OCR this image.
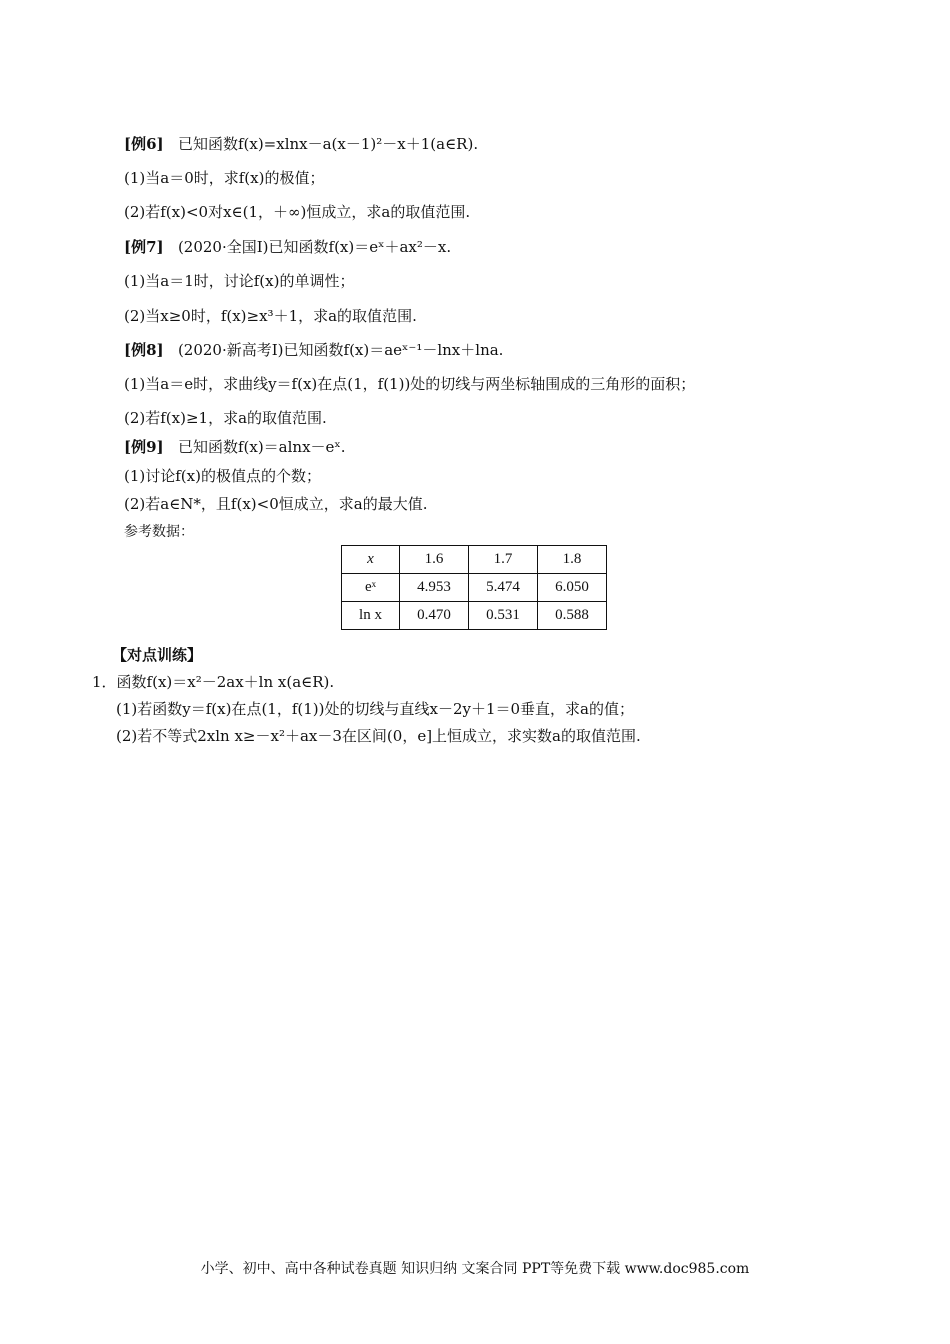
[例6] 已知函数f(x)=xlnx－a(x－1)²－x＋1(a∈R).
(1)当a＝0时，求f(x)的极值；
(2)若f(x)<0对x∈(1，＋∞)恒成立，求a的取值范围.
[例7] (2020·全国Ⅰ)已知函数f(x)＝eˣ＋ax²－x.
(1)当a＝1时，讨论f(x)的单调性；
(2)当x≥0时，f(x)≥x³＋1，求a的取值范围.
[例8] (2020·新高考Ⅰ)已知函数f(x)＝aeˣ⁻¹－lnx＋lna.
(1)当a＝e时，求曲线y＝f(x)在点(1，f(1))处的切线与两坐标轴围成的三角形的面积；
(2)若f(x)≥1，求a的取值范围.
[例9] 已知函数f(x)＝alnx－eˣ.
(1)讨论f(x)的极值点的个数；
(2)若a∈N*，且f(x)<0恒成立，求a的最大值.
参考数据：
x	1.6	1.7	1.8
eˣ	4.953	5.474	6.050
ln x	0.470	0.531	0.588
【对点训练】
1．函数f(x)＝x²－2ax＋ln x(a∈R).
(1)若函数y＝f(x)在点(1，f(1))处的切线与直线x－2y＋1＝0垂直，求a的值；
(2)若不等式2xln x≥－x²＋ax－3在区间(0，e]上恒成立，求实数a的取值范围.
小学、初中、高中各种试卷真题 知识归纳 文案合同 PPT等免费下载 www.doc985.com
